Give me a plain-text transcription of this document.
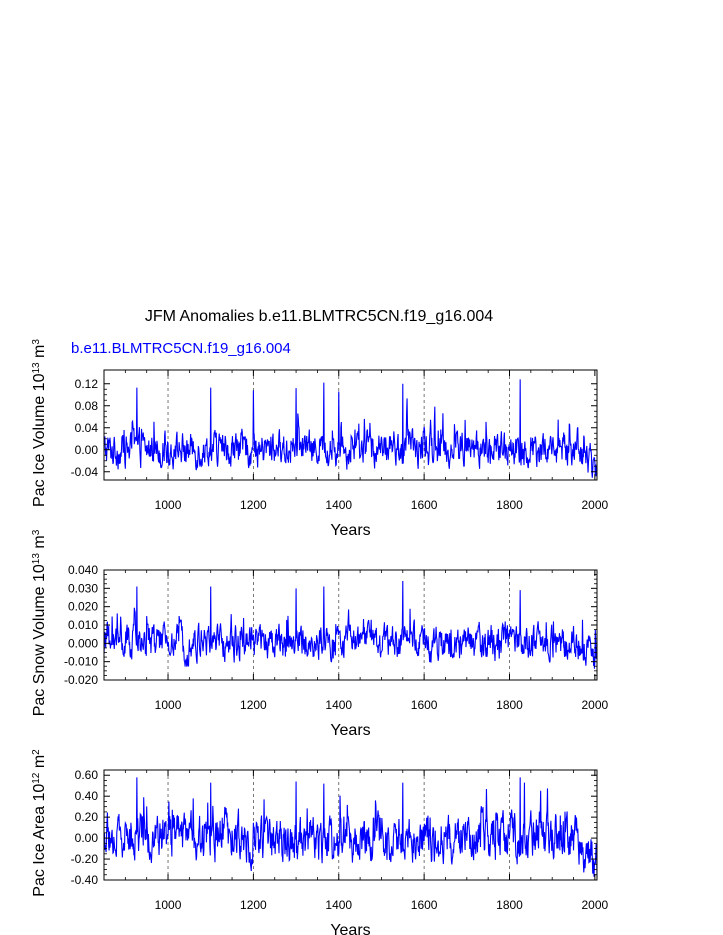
JFM Anomalies b.e11.BLMTRC5CN.f19_g16.004
b.e11.BLMTRC5CN.f19_g16.004
-0.04
0.00
0.04
0.08
0.12
1000	1200	1400	1600	1800	2000
Years
Pac Ice Volume $10^{13}$ $m^3$
-0.020
-0.010
0.000
0.010
0.020
0.030
0.040
1000	1200	1400	1600	1800	2000
Years
Pac Snow Volume $10^{13}$ $m^3$
-0.40
-0.20
0.00
0.20
0.40
0.60
1000	1200	1400	1600	1800	2000
Years
Pac Ice Area $10^{12}$ $m^2$
